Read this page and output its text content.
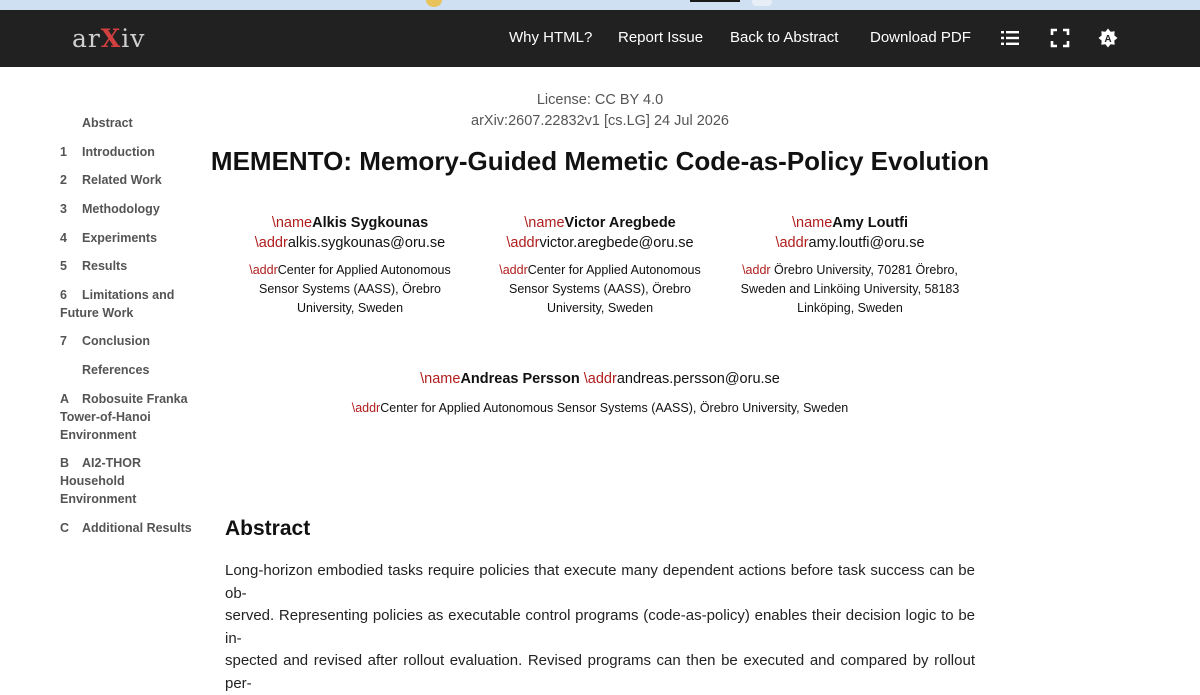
arXiv	Why HTML? Report Issue Back to Abstract Download PDF	A
Abstract
1	Introduction
2	Related Work
3	Methodology
4	Experiments
5	Results
6	Limitations and Future Work
7	Conclusion
References
A	Robosuite Franka Tower-of-Hanoi Environment
B	AI2-THOR Household Environment
C	Additional Results
License: CC BY 4.0
arXiv:2607.22832v1 [cs.LG] 24 Jul 2026
MEMENTO: Memory-Guided Memetic Code-as-Policy Evolution
\nameAlkis Sygkounas
\addralkis.sygkounas@oru.se
\addrCenter for Applied Autonomous Sensor Systems (AASS), Örebro University, Sweden
\nameVictor Aregbede
\addrvictor.aregbede@oru.se
\addrCenter for Applied Autonomous Sensor Systems (AASS), Örebro University, Sweden
\nameAmy Loutfi
\addramy.loutfi@oru.se
\addr Örebro University, 70281 Örebro, Sweden and Linköing University, 58183 Linköping, Sweden
\nameAndreas Persson \addrandreas.persson@oru.se
\addrCenter for Applied Autonomous Sensor Systems (AASS), Örebro University, Sweden
Abstract
Long-horizon embodied tasks require policies that execute many dependent actions before task success can be ob-
served. Representing policies as executable control programs (code-as-policy) enables their decision logic to be in-
spected and revised after rollout evaluation. Revised programs can then be executed and compared by rollout per-
